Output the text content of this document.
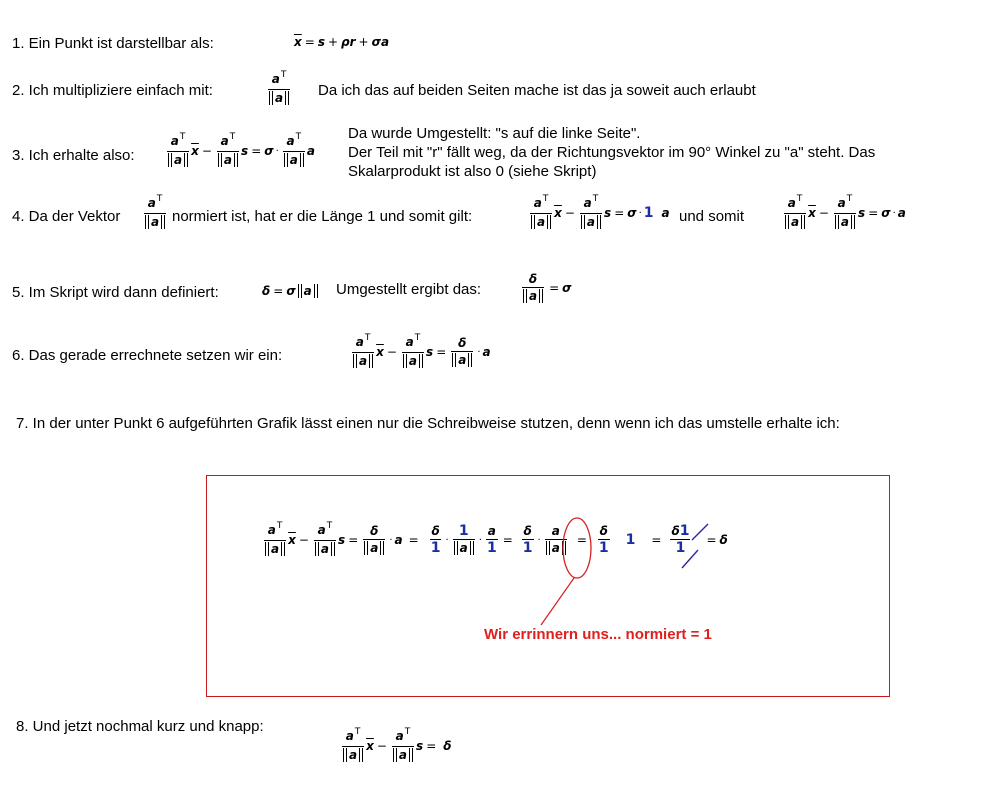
1. Ein Punkt ist darstellbar als:
2. Ich multipliziere einfach mit:	Da ich das auf beiden Seiten mache ist das ja soweit auch erlaubt
3. Ich erhalte also:
Da wurde Umgestellt: "s auf die linke Seite".
Der Teil mit "r" fällt weg, da der Richtungsvektor im 90° Winkel zu "a" steht. Das
Skalarprodukt ist also 0 (siehe Skript)
4. Da der Vektor	normiert ist, hat er die Länge 1 und somit gilt:	und somit
5. Im Skript wird dann definiert:	Umgestellt ergibt das:
6. Das gerade errechnete setzen wir ein:
7. In der unter Punkt 6 aufgeführten Grafik lässt einen nur die Schreibweise stutzen, denn wenn ich das umstelle erhalte ich:
8. Und jetzt nochmal kurz und knapp:
$\overline{x} = s + \rho$ r + σ a
$\frac{a^T}{a}$
$\frac{a^T}{a} \overline{x} - \frac{a^T}{a}$ $s = \sigma \cdot \frac{a^T}{a}$ a
$\frac{a^T}{a}$	$\frac{a^T}{a} \overline{x} - \frac{a^T}{a}$ s = σ · 1 a	$\frac{a^T}{a} \overline{x} - \frac{a^T}{a}$ s = σ · a
δ = σ a	$\frac{\delta}{a} = \sigma$
$\frac{a^T}{a} \overline{x} - \frac{a^T}{a}$ $s = \frac{\delta}{a} \cdot a$
$\frac{a^T}{a} \overline{x} - \frac{a^T}{a}$ $s = \frac{\delta}{a} \cdot a = \frac{\delta}{1} \cdot \frac{1}{a} \cdot \frac{a}{1} = \frac{\delta}{1} \cdot \frac{a}{a} = \frac{\delta}{1} 1 = \frac{\delta 1}{1} = \delta$
Wir errinnern uns... normiert = 1
$\frac{a^T}{a} \overline{x} - \frac{a^T}{a}$ s = δ
